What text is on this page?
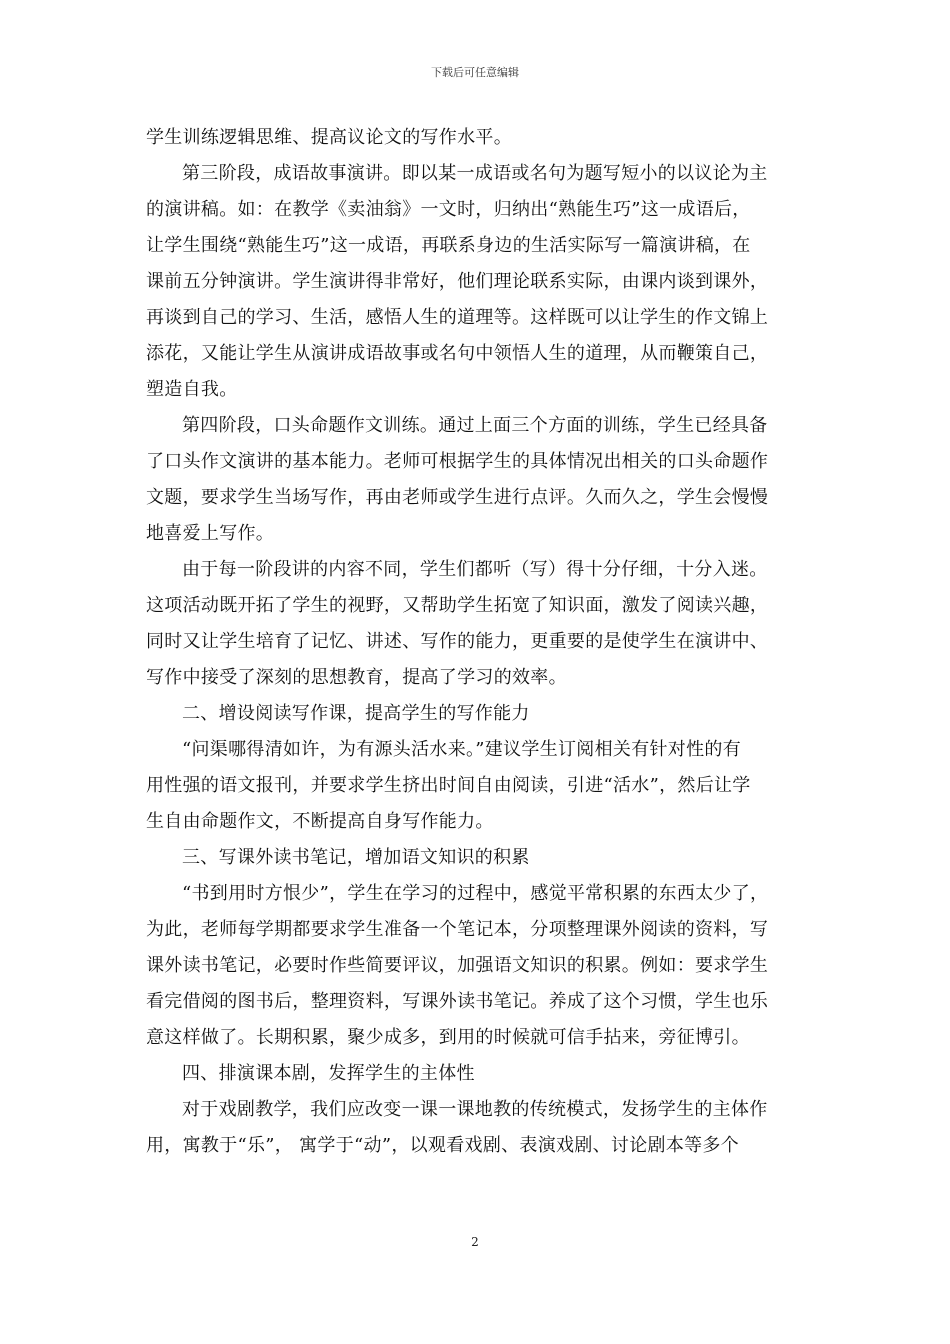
下载后可任意编辑
学生训练逻辑思维、提高议论文的写作水平。
第三阶段，成语故事演讲。即以某一成语或名句为题写短小的以议论为主
的演讲稿。如：在教学《卖油翁》一文时，归纳出“熟能生巧”这一成语后，
让学生围绕“熟能生巧”这一成语，再联系身边的生活实际写一篇演讲稿，在
课前五分钟演讲。学生演讲得非常好，他们理论联系实际，由课内谈到课外，
再谈到自己的学习、生活，感悟人生的道理等。这样既可以让学生的作文锦上
添花，又能让学生从演讲成语故事或名句中领悟人生的道理，从而鞭策自己，
塑造自我。
第四阶段，口头命题作文训练。通过上面三个方面的训练，学生已经具备
了口头作文演讲的基本能力。老师可根据学生的具体情况出相关的口头命题作
文题，要求学生当场写作，再由老师或学生进行点评。久而久之，学生会慢慢
地喜爱上写作。
由于每一阶段讲的内容不同，学生们都听（写）得十分仔细，十分入迷。
这项活动既开拓了学生的视野，又帮助学生拓宽了知识面，激发了阅读兴趣，
同时又让学生培育了记忆、讲述、写作的能力，更重要的是使学生在演讲中、
写作中接受了深刻的思想教育，提高了学习的效率。
二、增设阅读写作课，提高学生的写作能力
“问渠哪得清如许，为有源头活水来。”建议学生订阅相关有针对性的有
用性强的语文报刊，并要求学生挤出时间自由阅读，引进“活水”，然后让学
生自由命题作文，不断提高自身写作能力。
三、写课外读书笔记，增加语文知识的积累
“书到用时方恨少”，学生在学习的过程中，感觉平常积累的东西太少了，
为此，老师每学期都要求学生准备一个笔记本，分项整理课外阅读的资料，写
课外读书笔记，必要时作些简要评议，加强语文知识的积累。例如：要求学生
看完借阅的图书后，整理资料，写课外读书笔记。养成了这个习惯，学生也乐
意这样做了。长期积累，聚少成多，到用的时候就可信手拈来，旁征博引。
四、排演课本剧，发挥学生的主体性
对于戏剧教学，我们应改变一课一课地教的传统模式，发扬学生的主体作
用，寓教于“乐”， 寓学于“动”，以观看戏剧、表演戏剧、讨论剧本等多个
2
